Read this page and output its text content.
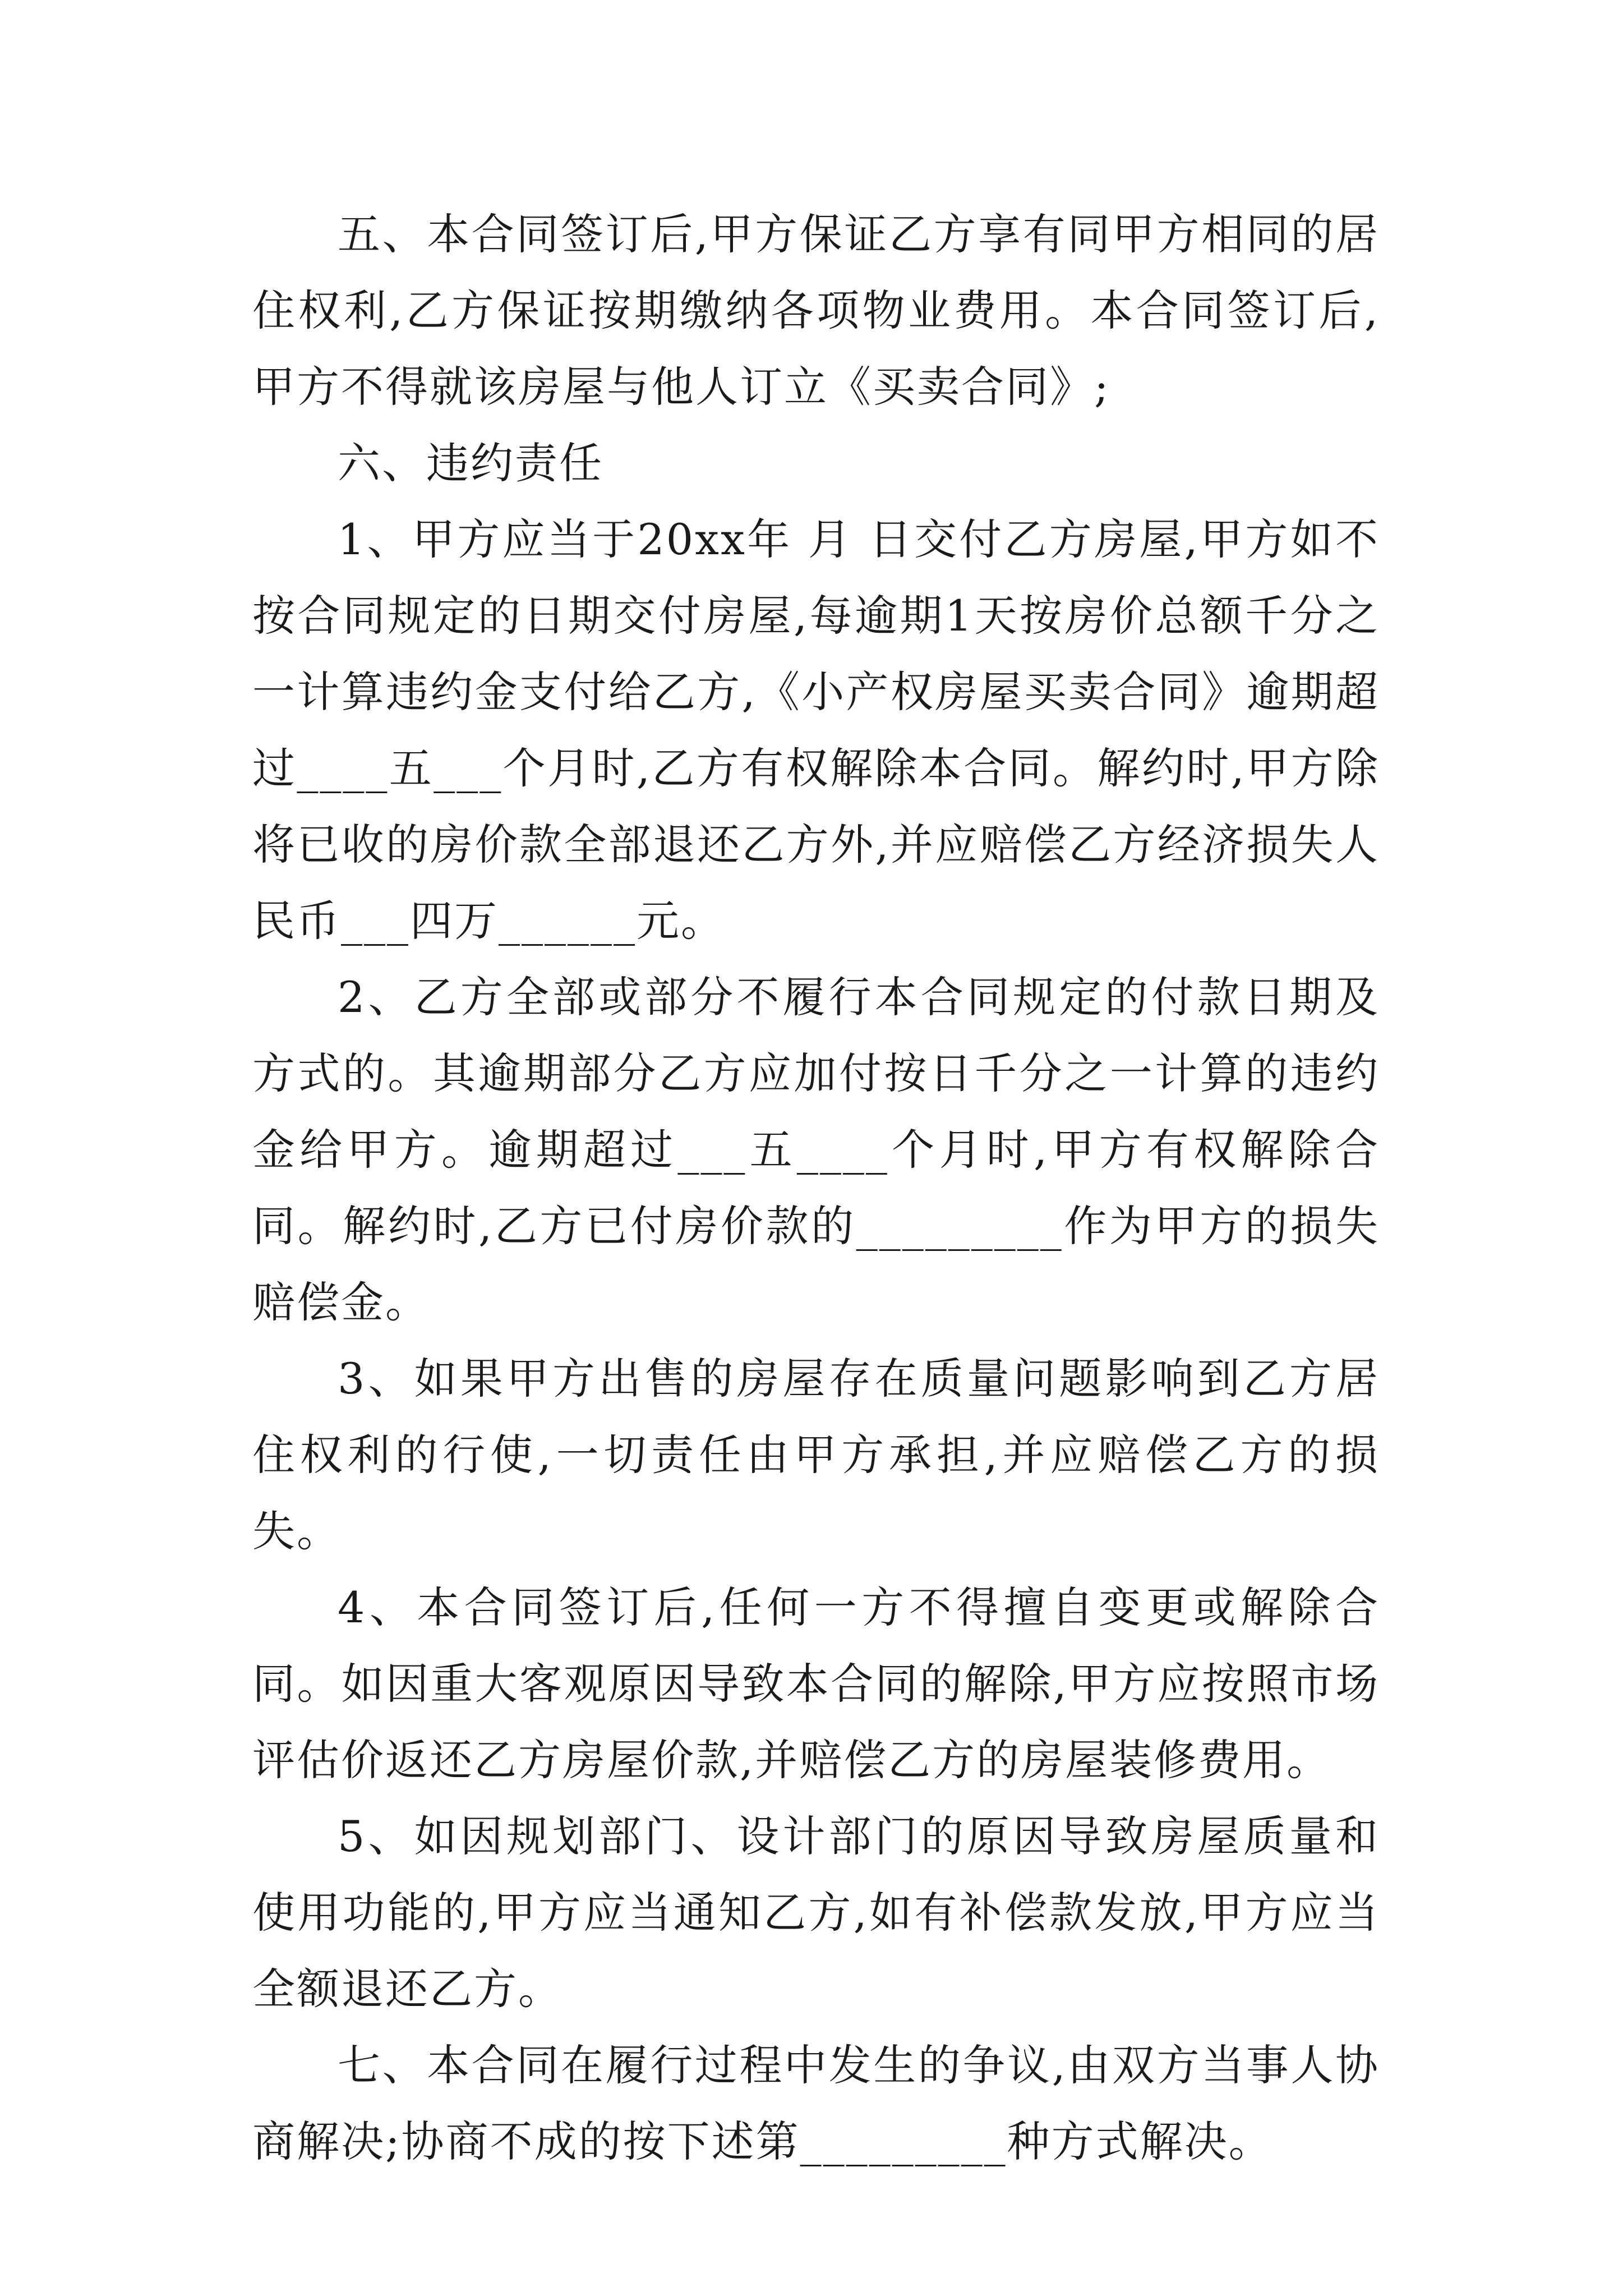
五、本合同签订后,甲方保证乙方享有同甲方相同的居住权利,乙方保证按期缴纳各项物业费用。本合同签订后,甲方不得就该房屋与他人订立《买卖合同》;

六、违约责任

1、甲方应当于20xx年 月 日交付乙方房屋,甲方如不按合同规定的日期交付房屋,每逾期1天按房价总额千分之一计算违约金支付给乙方,《小产权房屋买卖合同》逾期超过____五___个月时,乙方有权解除本合同。解约时,甲方除将已收的房价款全部退还乙方外,并应赔偿乙方经济损失人民币___四万______元。

2、乙方全部或部分不履行本合同规定的付款日期及方式的。其逾期部分乙方应加付按日千分之一计算的违约金给甲方。逾期超过___五____个月时,甲方有权解除合同。解约时,乙方已付房价款的_________作为甲方的损失赔偿金。

3、如果甲方出售的房屋存在质量问题影响到乙方居住权利的行使,一切责任由甲方承担,并应赔偿乙方的损失。

4、本合同签订后,任何一方不得擅自变更或解除合同。如因重大客观原因导致本合同的解除,甲方应按照市场评估价返还乙方房屋价款,并赔偿乙方的房屋装修费用。

5、如因规划部门、设计部门的原因导致房屋质量和使用功能的,甲方应当通知乙方,如有补偿款发放,甲方应当全额退还乙方。

七、本合同在履行过程中发生的争议,由双方当事人协商解决;协商不成的按下述第_________种方式解决。
